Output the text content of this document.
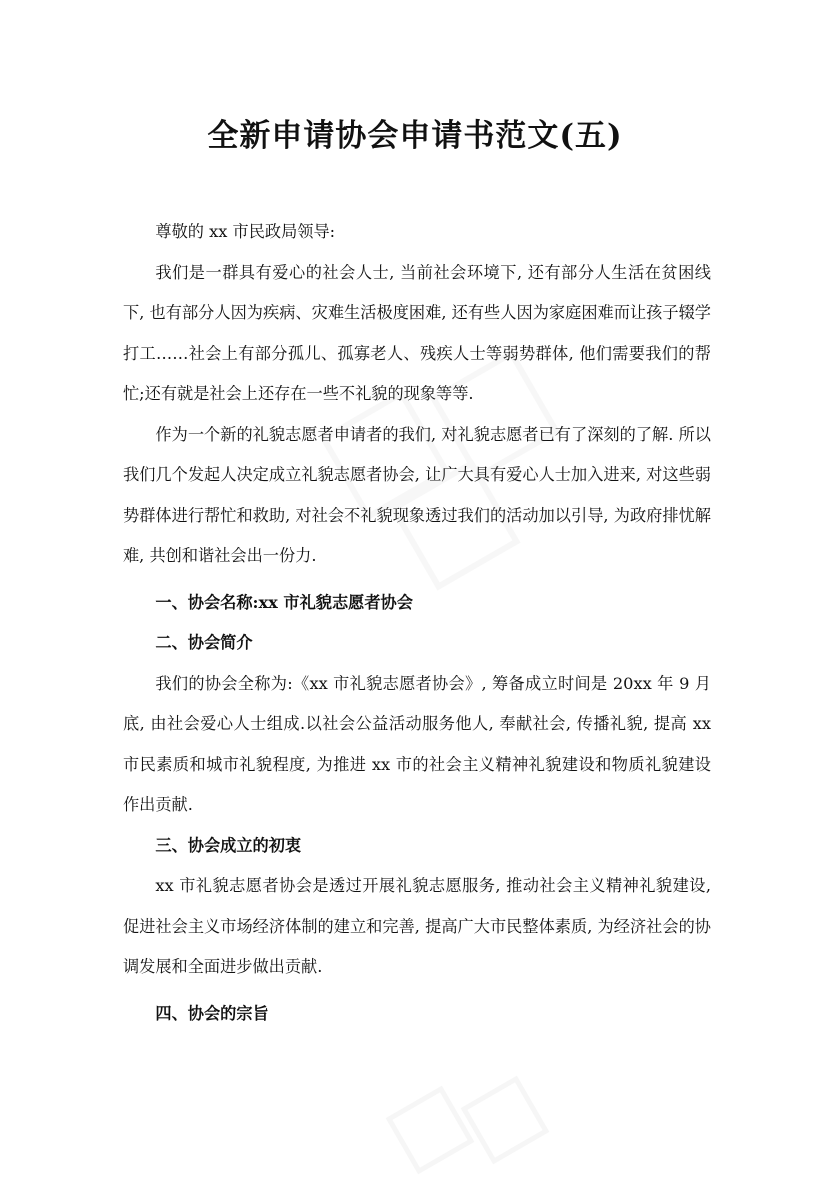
全新申请协会申请书范文(五)

尊敬的 xx 市民政局领导:

我们是一群具有爱心的社会人士, 当前社会环境下, 还有部分人生活在贫困线下, 也有部分人因为疾病、灾难生活极度困难, 还有些人因为家庭困难而让孩子辍学打工……社会上有部分孤儿、孤寡老人、残疾人士等弱势群体, 他们需要我们的帮忙;还有就是社会上还存在一些不礼貌的现象等等.

作为一个新的礼貌志愿者申请者的我们, 对礼貌志愿者已有了深刻的了解. 所以我们几个发起人决定成立礼貌志愿者协会, 让广大具有爱心人士加入进来, 对这些弱势群体进行帮忙和救助, 对社会不礼貌现象透过我们的活动加以引导, 为政府排忧解难, 共创和谐社会出一份力.

一、协会名称:xx 市礼貌志愿者协会

二、协会简介

我们的协会全称为:《xx 市礼貌志愿者协会》, 筹备成立时间是 20xx 年 9 月底, 由社会爱心人士组成.以社会公益活动服务他人, 奉献社会, 传播礼貌, 提高 xx 市民素质和城市礼貌程度, 为推进 xx 市的社会主义精神礼貌建设和物质礼貌建设作出贡献.

三、协会成立的初衷

xx 市礼貌志愿者协会是透过开展礼貌志愿服务, 推动社会主义精神礼貌建设, 促进社会主义市场经济体制的建立和完善, 提高广大市民整体素质, 为经济社会的协调发展和全面进步做出贡献.

四、协会的宗旨
